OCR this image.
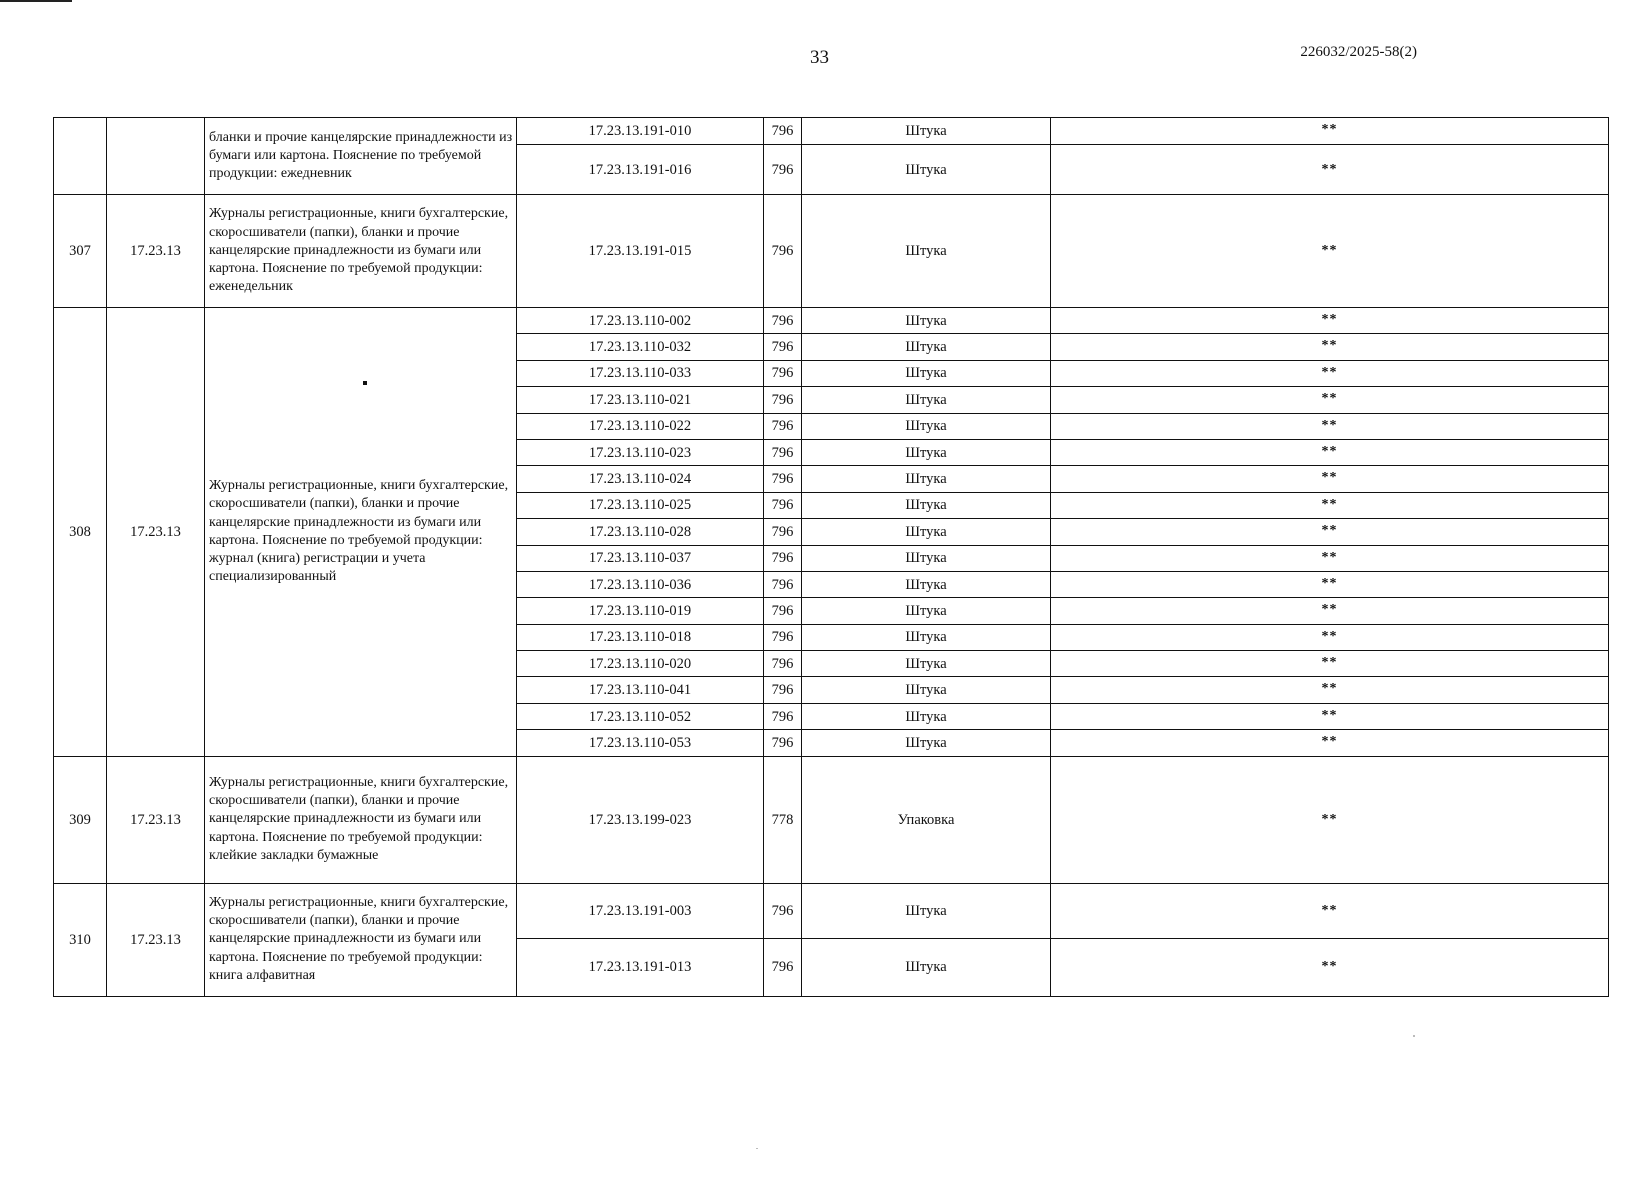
33	226032/2025-58(2)
		бланки и прочие канцелярские принадлежности из бумаги или картона. Пояснение по требуемой продукции: ежедневник	17.23.13.191-010	796	Штука	**
			17.23.13.191-016	796	Штука	**
307	17.23.13	Журналы регистрационные, книги бухгалтерские, скоросшиватели (папки), бланки и прочие канцелярские принадлежности из бумаги или картона. Пояснение по требуемой продукции: еженедельник	17.23.13.191-015	796	Штука	**
308	17.23.13	Журналы регистрационные, книги бухгалтерские, скоросшиватели (папки), бланки и прочие канцелярские принадлежности из бумаги или картона. Пояснение по требуемой продукции: журнал (книга) регистрации и учета специализированный	17.23.13.110-002	796	Штука	**
			17.23.13.110-032	796	Штука	**
			17.23.13.110-033	796	Штука	**
			17.23.13.110-021	796	Штука	**
			17.23.13.110-022	796	Штука	**
			17.23.13.110-023	796	Штука	**
			17.23.13.110-024	796	Штука	**
			17.23.13.110-025	796	Штука	**
			17.23.13.110-028	796	Штука	**
			17.23.13.110-037	796	Штука	**
			17.23.13.110-036	796	Штука	**
			17.23.13.110-019	796	Штука	**
			17.23.13.110-018	796	Штука	**
			17.23.13.110-020	796	Штука	**
			17.23.13.110-041	796	Штука	**
			17.23.13.110-052	796	Штука	**
			17.23.13.110-053	796	Штука	**
309	17.23.13	Журналы регистрационные, книги бухгалтерские, скоросшиватели (папки), бланки и прочие канцелярские принадлежности из бумаги или картона. Пояснение по требуемой продукции: клейкие закладки бумажные	17.23.13.199-023	778	Упаковка	**
310	17.23.13	Журналы регистрационные, книги бухгалтерские, скоросшиватели (папки), бланки и прочие канцелярские принадлежности из бумаги или картона. Пояснение по требуемой продукции: книга алфавитная	17.23.13.191-003	796	Штука	**
			17.23.13.191-013	796	Штука	**
